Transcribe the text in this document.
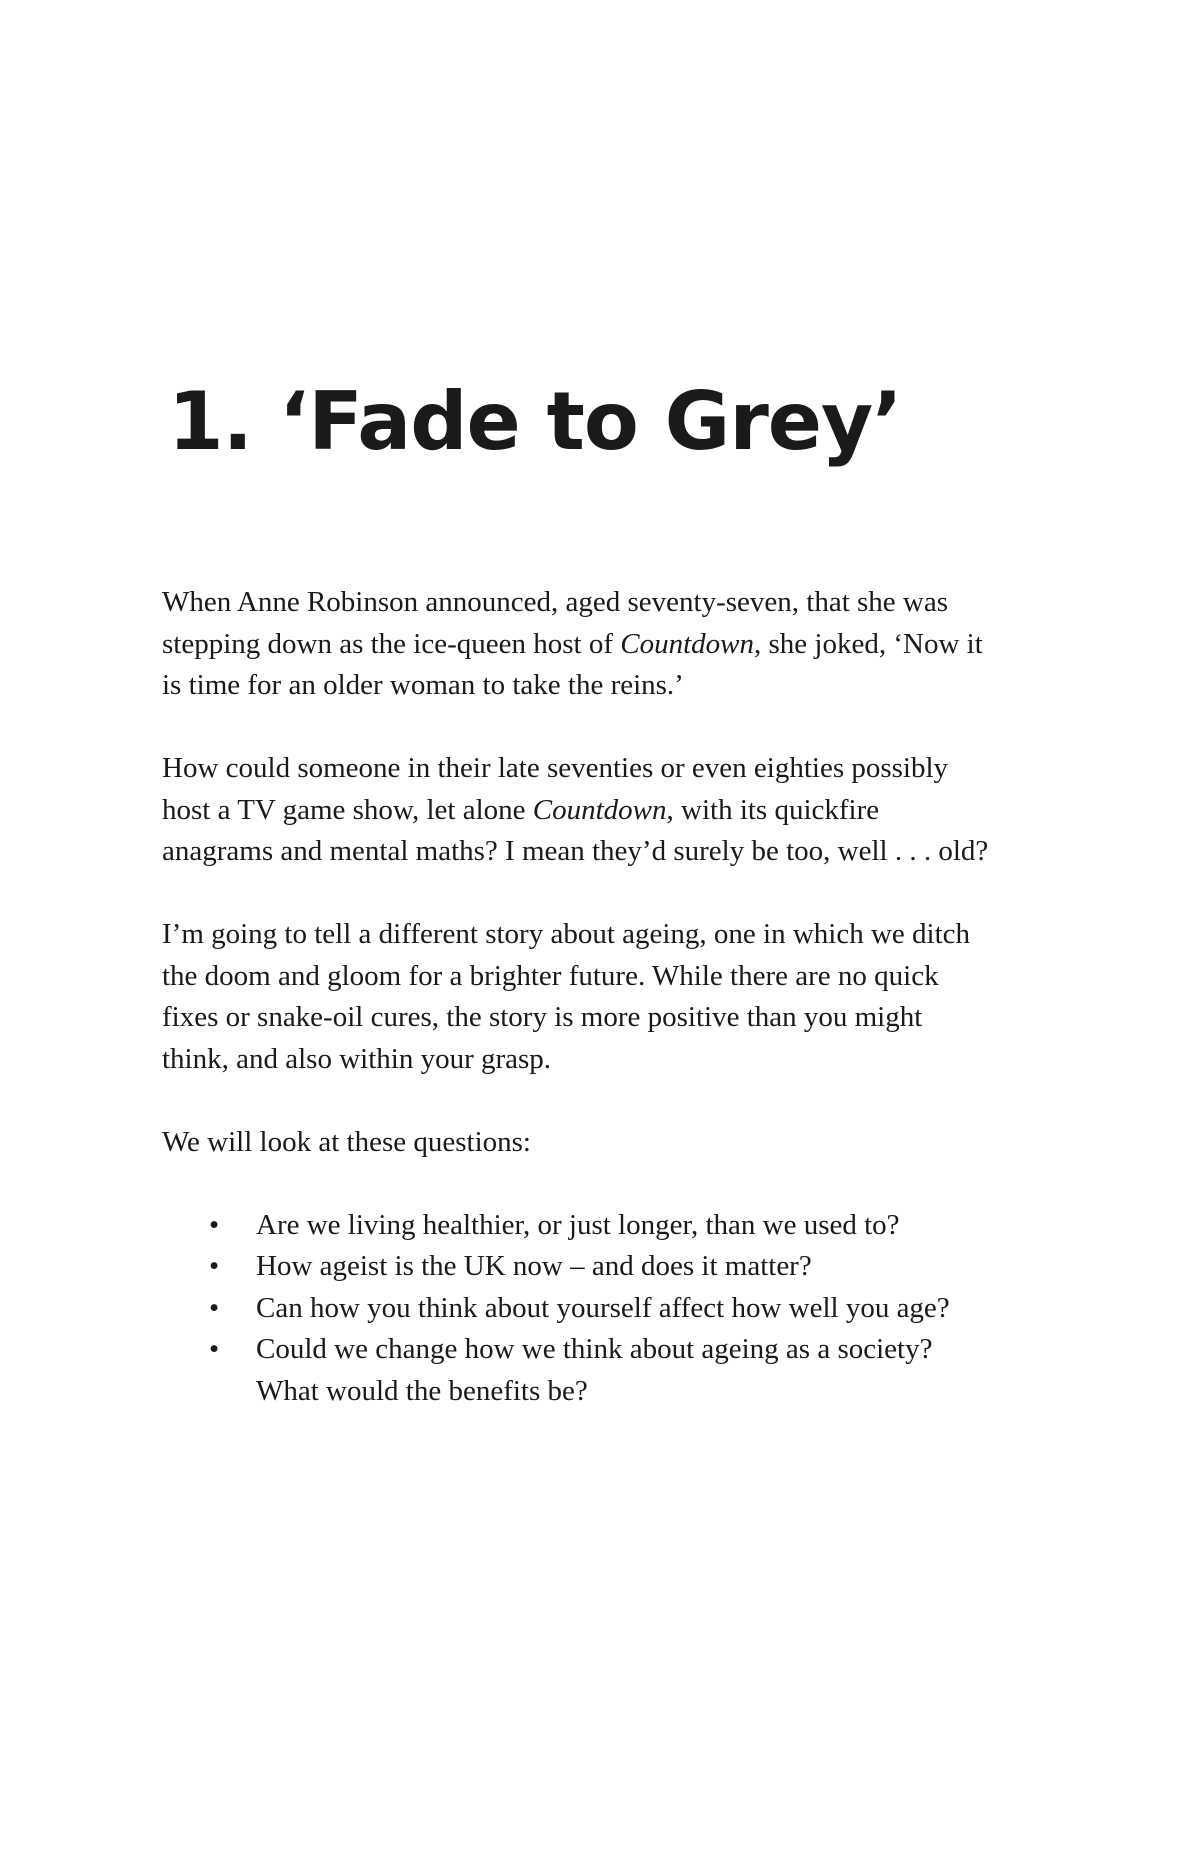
1. ‘Fade to Grey’

When Anne Robinson announced, aged seventy-seven, that she was stepping down as the ice-queen host of Countdown, she joked, ‘Now it is time for an older woman to take the reins.’

How could someone in their late seventies or even eighties possibly host a TV game show, let alone Countdown, with its quickfire anagrams and mental maths? I mean they’d surely be too, well . . . old?

I’m going to tell a different story about ageing, one in which we ditch the doom and gloom for a brighter future. While there are no quick fixes or snake-oil cures, the story is more positive than you might think, and also within your grasp.

We will look at these questions:

• Are we living healthier, or just longer, than we used to?
• How ageist is the UK now – and does it matter?
• Can how you think about yourself affect how well you age?
• Could we change how we think about ageing as a society? What would the benefits be?
